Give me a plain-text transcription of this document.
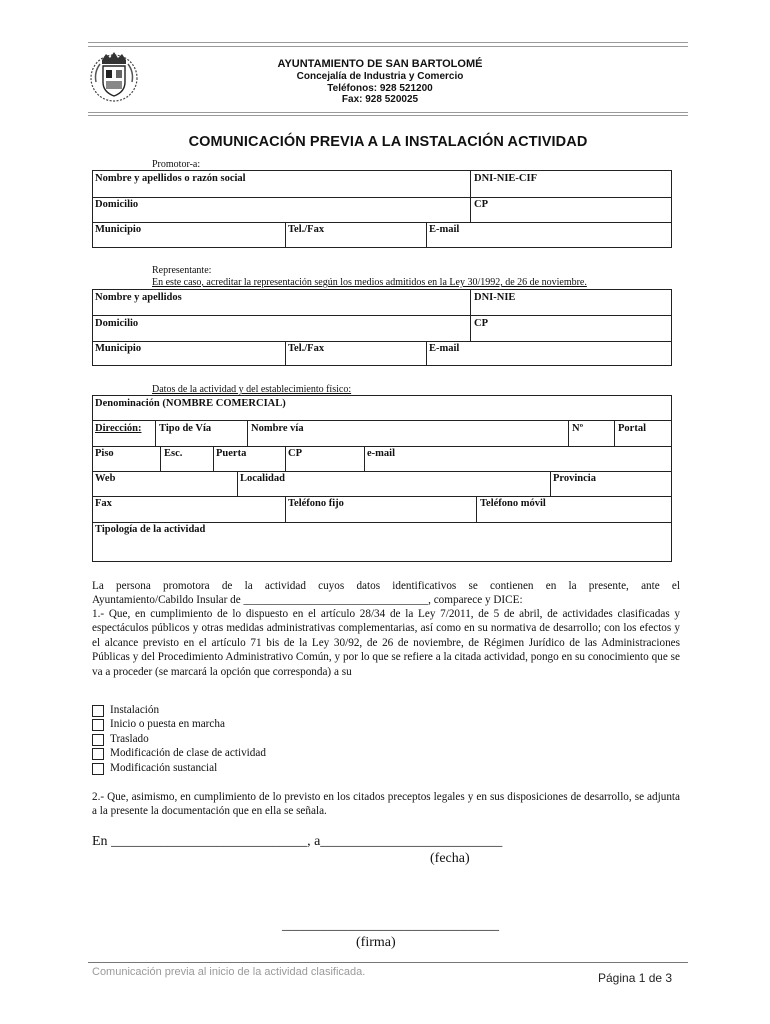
AYUNTAMIENTO DE SAN BARTOLOMÉ
Concejalía de Industria y Comercio
Teléfonos: 928 521200
Fax: 928 520025
COMUNICACIÓN PREVIA A LA INSTALACIÓN ACTIVIDAD
Promotor-a:
Nombre y apellidos o razón social	DNI-NIE-CIF
Domicilio	CP
Municipio	Tel./Fax	E-mail
Representante:
En este caso, acreditar la representación según los medios admitidos en la Ley 30/1992, de 26 de noviembre.
Nombre y apellidos	DNI-NIE
Domicilio	CP
Municipio	Tel./Fax	E-mail
Datos de la actividad y del establecimiento físico:
Denominación (NOMBRE COMERCIAL)
Dirección: Tipo de Vía	Nombre vía	Nº	Portal
Piso	Esc.	Puerta	CP	e-mail
Web	Localidad	Provincia
Fax	Teléfono fijo	Teléfono móvil
Tipología de la actividad
La persona promotora de la actividad cuyos datos identificativos se contienen en la presente, ante el
Ayuntamiento/Cabildo Insular de _________________________________, comparece y DICE:
1.- Que, en cumplimiento de lo dispuesto en el artículo 28/34 de la Ley 7/2011, de 5 de abril, de actividades clasificadas y espectáculos públicos y otras medidas administrativas complementarias, así como en su normativa de desarrollo; con los efectos y el alcance previsto en el artículo 71 bis de la Ley 30/92, de 26 de noviembre, de Régimen Jurídico de las Administraciones Públicas y del Procedimiento Administrativo Común, y por lo que se refiere a la citada actividad, pongo en su conocimiento que se va a proceder (se marcará la opción que corresponda) a su
Instalación
Inicio o puesta en marcha
Traslado
Modificación de clase de actividad
Modificación sustancial
2.- Que, asimismo, en cumplimiento de lo previsto en los citados preceptos legales y en sus disposiciones de desarrollo, se adjunta a la presente la documentación que en ella se señala.
En ____________________________, a__________________________
(fecha)
_______________________________
(firma)
Comunicación previa al inicio de la actividad clasificada.	Página 1 de 3
